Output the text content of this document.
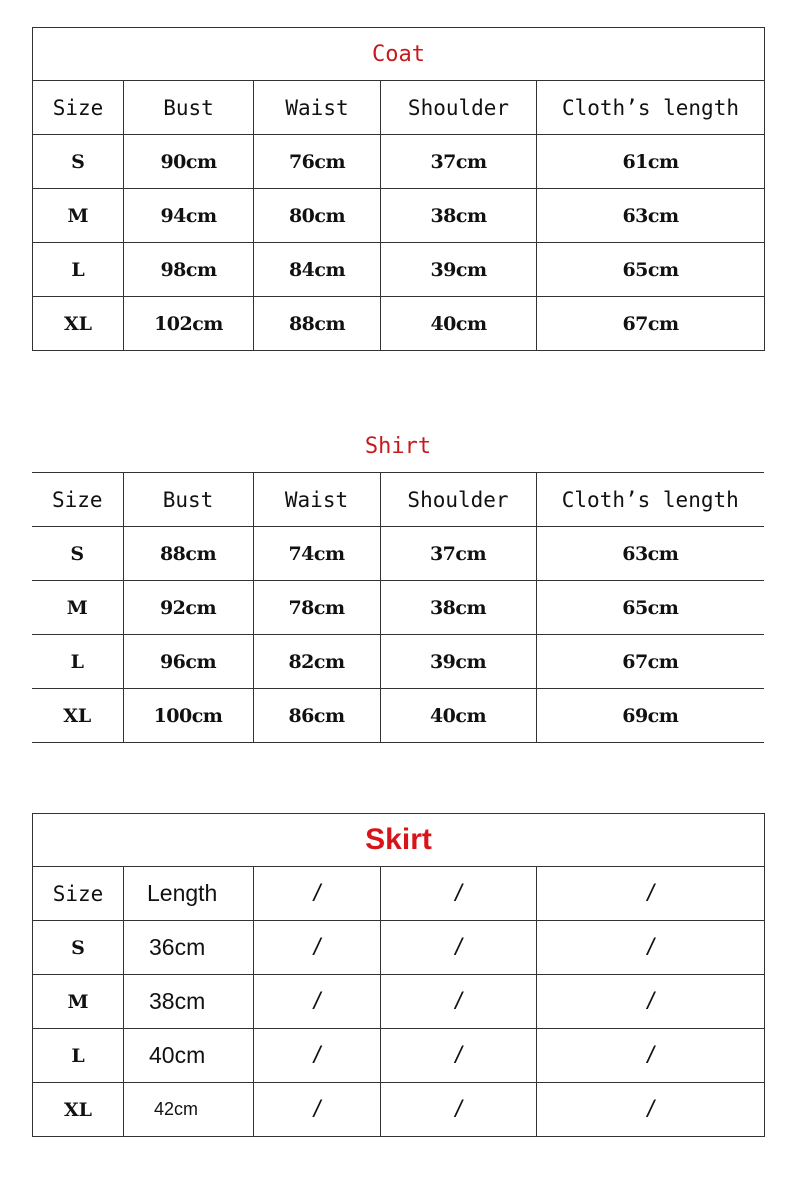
Coat				
Size	Bust	Waist	Shoulder	Cloth’s length
S	90cm	76cm	37cm	61cm
M	94cm	80cm	38cm	63cm
L	98cm	84cm	39cm	65cm
XL	102cm	88cm	40cm	67cm
Shirt				
Size	Bust	Waist	Shoulder	Cloth’s length
S	88cm	74cm	37cm	63cm
M	92cm	78cm	38cm	65cm
L	96cm	82cm	39cm	67cm
XL	100cm	86cm	40cm	69cm
Skirt				
Size	Length	/	/	/
S	36cm	/	/	/
M	38cm	/	/	/
L	40cm	/	/	/
XL	42cm	/	/	/
